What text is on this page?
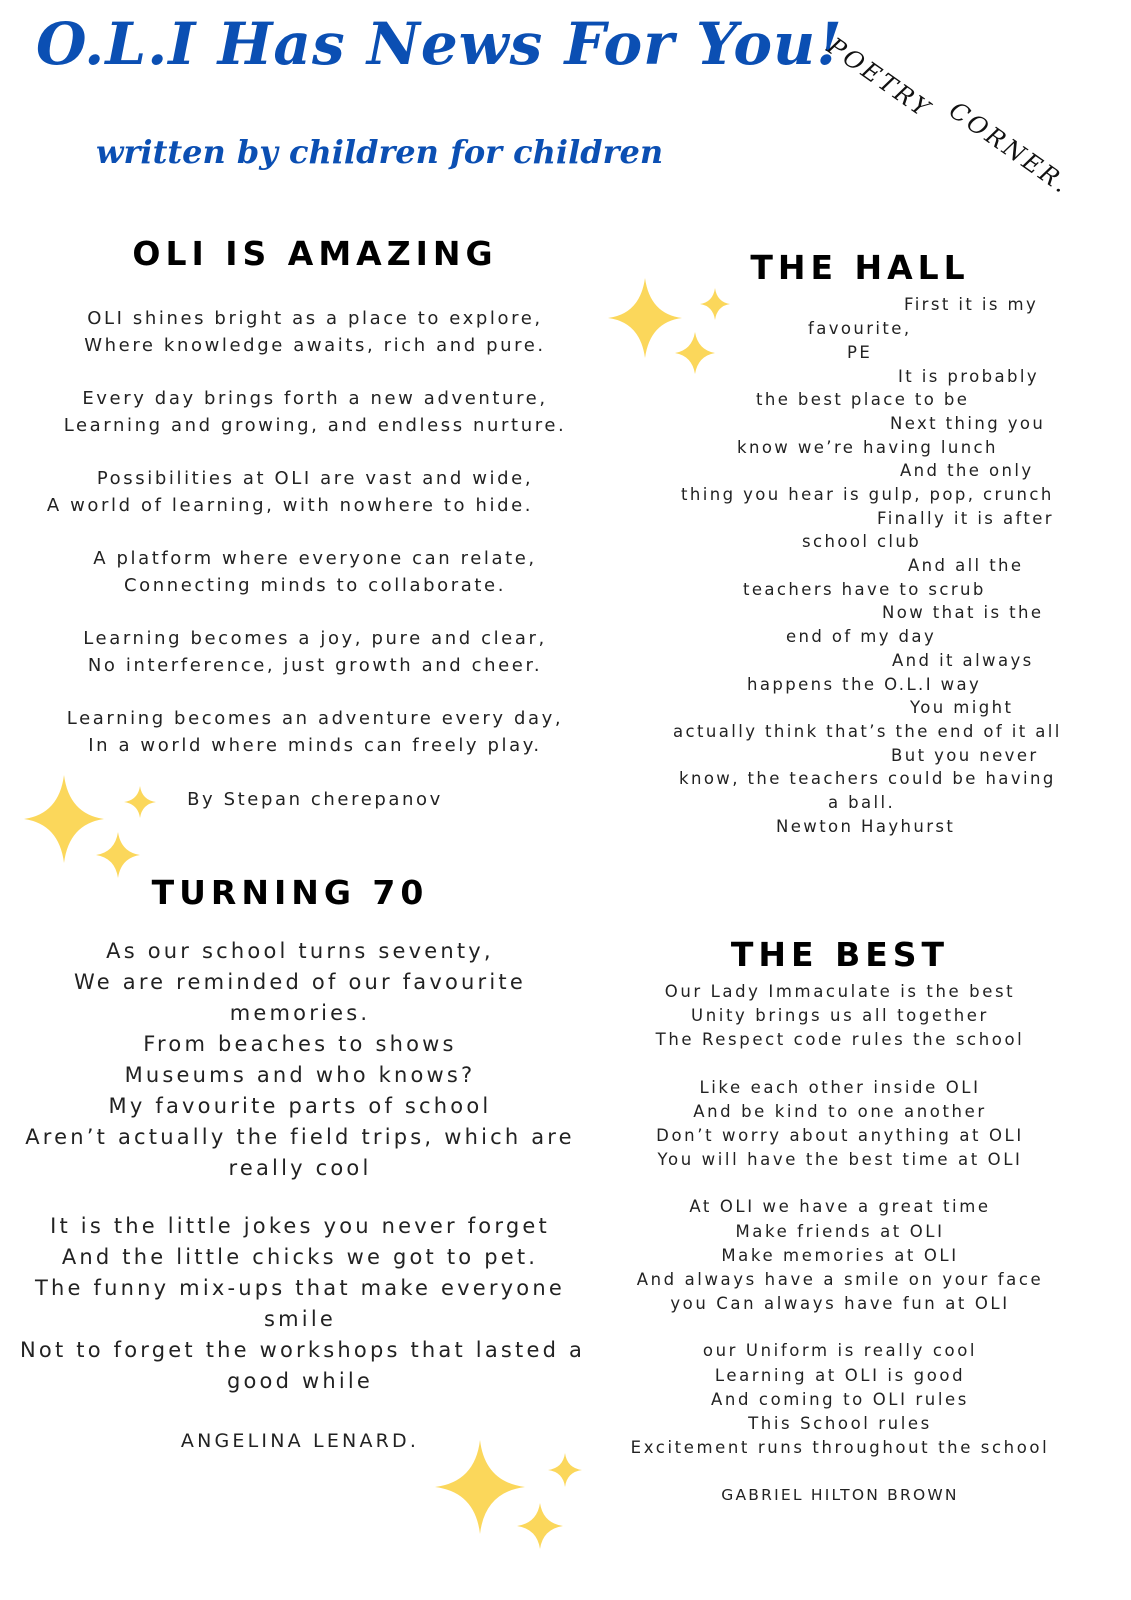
O.L.I Has News For You!
written by children for children
POETRY
CORNER.
OLI IS AMAZING
OLI shines bright as a place to explore,
Where knowledge awaits, rich and pure.
Every day brings forth a new adventure,
Learning and growing, and endless nurture.
Possibilities at OLI are vast and wide,
A world of learning, with nowhere to hide.
A platform where everyone can relate,
Connecting minds to collaborate.
Learning becomes a joy, pure and clear,
No interference, just growth and cheer.
Learning becomes an adventure every day,
In a world where minds can freely play.
By Stepan cherepanov
THE HALL
First it is my
favourite,
PE
It is probably
the best place to be
Next thing you
know we’re having lunch
And the only
thing you hear is gulp, pop, crunch
Finally it is after
school club
And all the
teachers have to scrub
Now that is the
end of my day
And it always
happens the O.L.I way
You might
actually think that’s the end of it all
But you never
know, the teachers could be having
a ball.
Newton Hayhurst
TURNING 70
As our school turns seventy,
We are reminded of our favourite
memories.
From beaches to shows
Museums and who knows?
My favourite parts of school
Aren’t actually the field trips, which are
really cool
It is the little jokes you never forget
And the little chicks we got to pet.
The funny mix-ups that make everyone
smile
Not to forget the workshops that lasted a
good while
ANGELINA LENARD.
THE BEST
Our Lady Immaculate is the best
Unity brings us all together
The Respect code rules the school
Like each other inside OLI
And be kind to one another
Don’t worry about anything at OLI
You will have the best time at OLI
At OLI we have a great time
Make friends at OLI
Make memories at OLI
And always have a smile on your face
you Can always have fun at OLI
our Uniform is really cool
Learning at OLI is good
And coming to OLI rules
This School rules
Excitement runs throughout the school
GABRIEL HILTON BROWN
